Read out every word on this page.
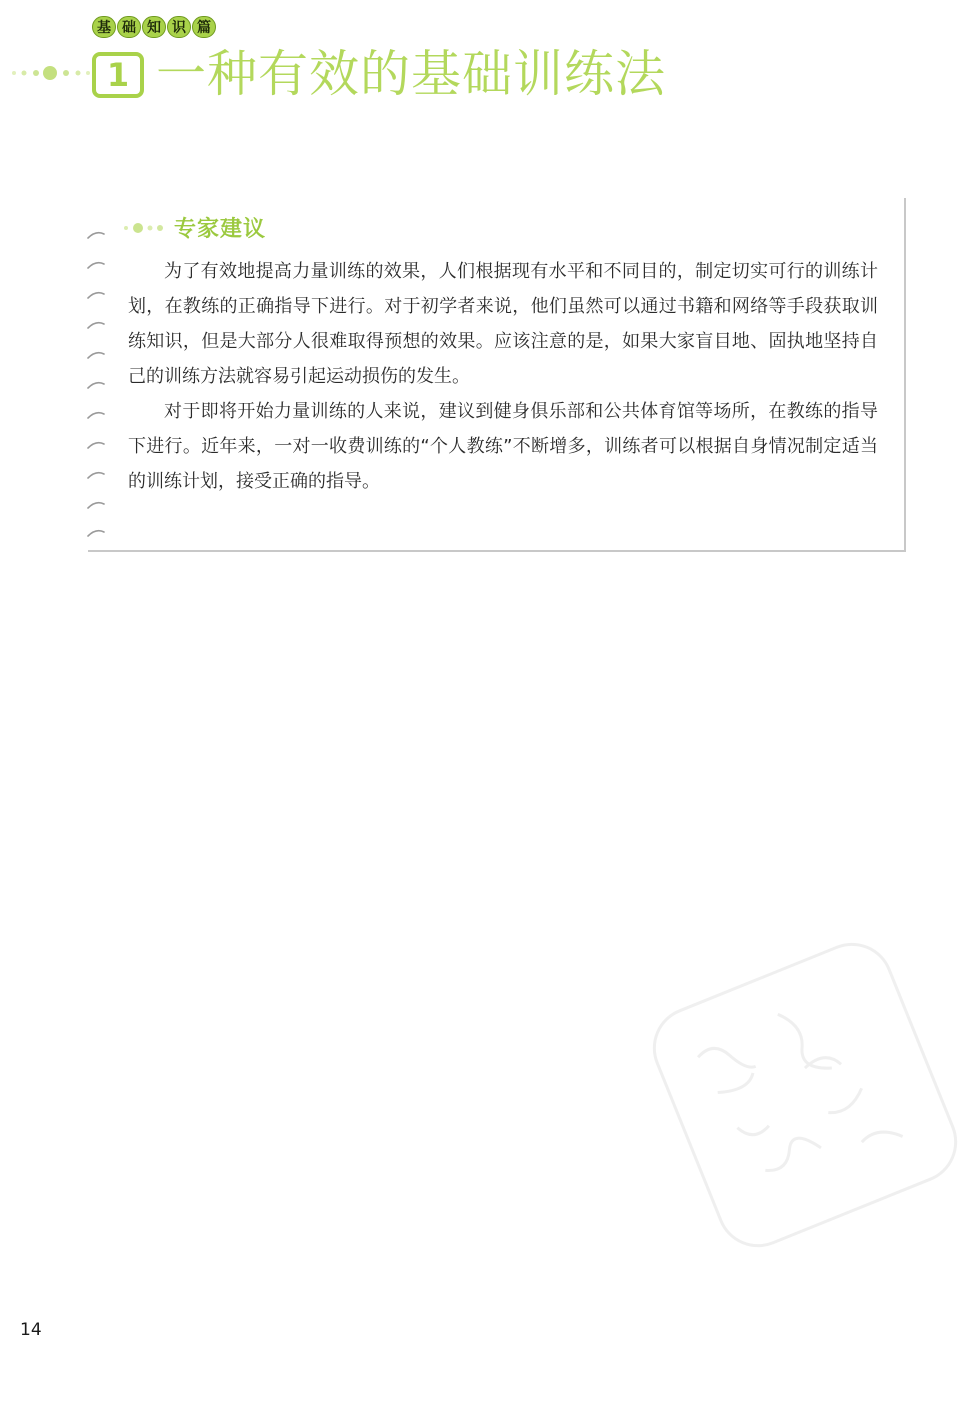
基 础 知 识 篇
1 一种有效的基础训练法
专家建议

为了有效地提高力量训练的效果，人们根据现有水平和不同目的，制定切实可行的训练计划，在教练的正确指导下进行。对于初学者来说，他们虽然可以通过书籍和网络等手段获取训练知识，但是大部分人很难取得预想的效果。应该注意的是，如果大家盲目地、固执地坚持自己的训练方法就容易引起运动损伤的发生。

对于即将开始力量训练的人来说，建议到健身俱乐部和公共体育馆等场所，在教练的指导下进行。近年来，一对一收费训练的“个人教练”不断增多，训练者可以根据自身情况制定适当的训练计划，接受正确的指导。

14
